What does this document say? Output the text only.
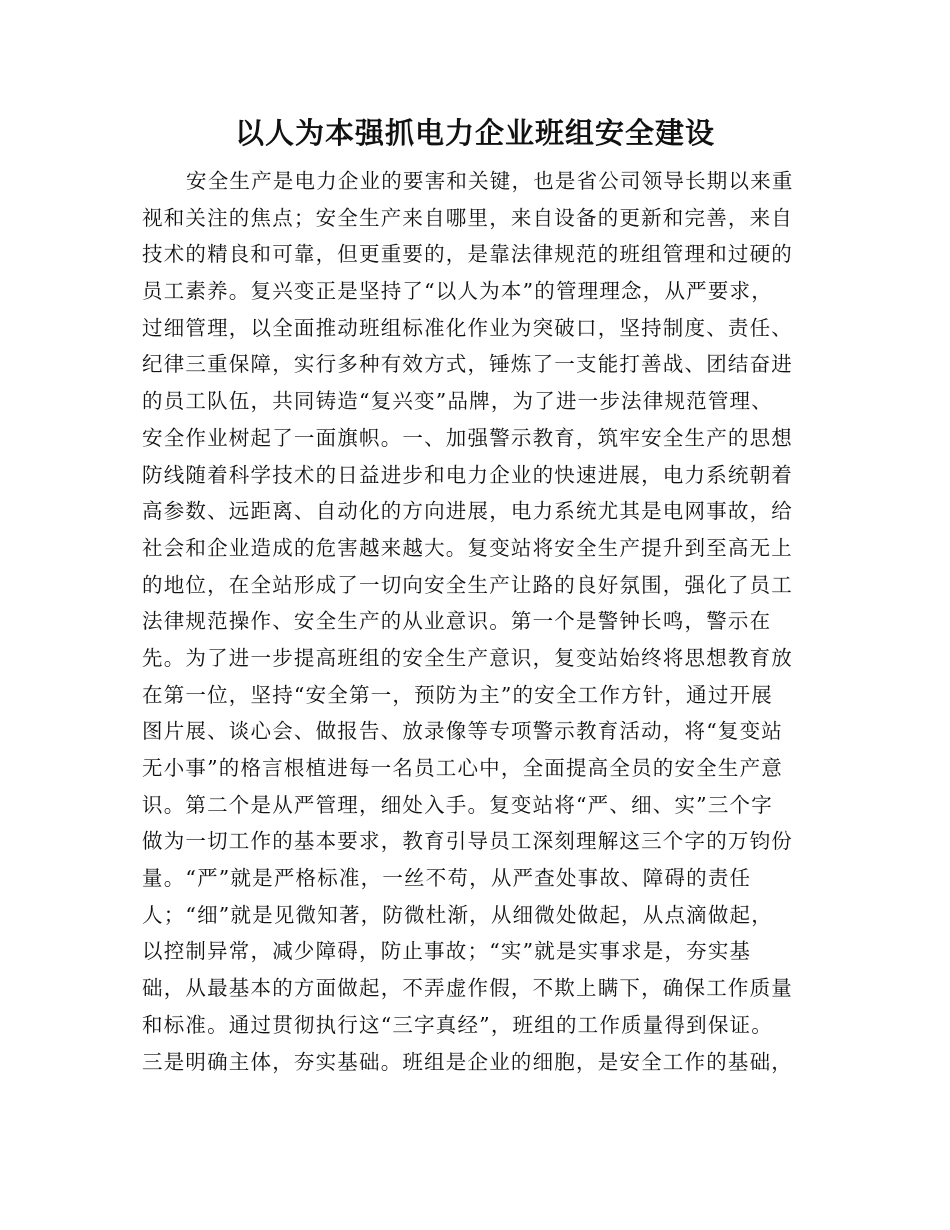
以人为本强抓电力企业班组安全建设
安全生产是电力企业的要害和关键，也是省公司领导长期以来重
视和关注的焦点；安全生产来自哪里，来自设备的更新和完善，来自
技术的精良和可靠，但更重要的，是靠法律规范的班组管理和过硬的
员工素养。复兴变正是坚持了“以人为本”的管理理念，从严要求，
过细管理，以全面推动班组标准化作业为突破口，坚持制度、责任、
纪律三重保障，实行多种有效方式，锤炼了一支能打善战、团结奋进
的员工队伍，共同铸造“复兴变”品牌，为了进一步法律规范管理、
安全作业树起了一面旗帜。一、加强警示教育，筑牢安全生产的思想
防线随着科学技术的日益进步和电力企业的快速进展，电力系统朝着
高参数、远距离、自动化的方向进展，电力系统尤其是电网事故，给
社会和企业造成的危害越来越大。复变站将安全生产提升到至高无上
的地位，在全站形成了一切向安全生产让路的良好氛围，强化了员工
法律规范操作、安全生产的从业意识。第一个是警钟长鸣，警示在
先。为了进一步提高班组的安全生产意识，复变站始终将思想教育放
在第一位，坚持“安全第一，预防为主”的安全工作方针，通过开展
图片展、谈心会、做报告、放录像等专项警示教育活动，将“复变站
无小事”的格言根植进每一名员工心中，全面提高全员的安全生产意
识。第二个是从严管理，细处入手。复变站将“严、细、实”三个字
做为一切工作的基本要求，教育引导员工深刻理解这三个字的万钧份
量。“严”就是严格标准，一丝不苟，从严查处事故、障碍的责任
人；“细”就是见微知著，防微杜渐，从细微处做起，从点滴做起，
以控制异常，减少障碍，防止事故；“实”就是实事求是，夯实基
础，从最基本的方面做起，不弄虚作假，不欺上瞒下，确保工作质量
和标准。通过贯彻执行这“三字真经”，班组的工作质量得到保证。
三是明确主体，夯实基础。班组是企业的细胞，是安全工作的基础，
